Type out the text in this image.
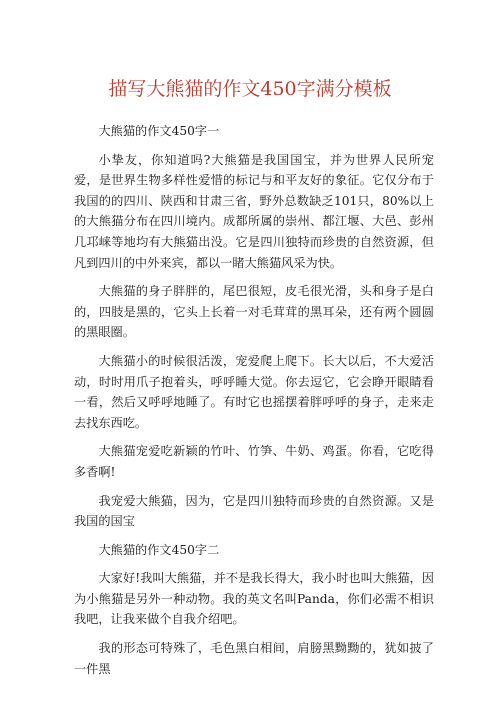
描写大熊猫的作文450字满分模板

大熊猫的作文450字一

小挚友，你知道吗?大熊猫是我国国宝，并为世界人民所宠爱，是世界生物多样性爱惜的标记与和平友好的象征。它仅分布于我国的的四川、陕西和甘肃三省，野外总数缺乏101只，80%以上的大熊猫分布在四川境内。成都所属的崇州、都江堰、大邑、彭州几邛崃等地均有大熊猫出没。它是四川独特而珍贵的自然资源，但凡到四川的中外来宾，都以一睹大熊猫风采为快。

大熊猫的身子胖胖的，尾巴很短，皮毛很光滑，头和身子是白的，四肢是黑的，它头上长着一对毛茸茸的黑耳朵，还有两个圆圆的黑眼圈。

大熊猫小的时候很活泼，宠爱爬上爬下。长大以后，不大爱活动，时时用爪子抱着头，呼呼睡大觉。你去逗它，它会睁开眼睛看一看，然后又呼呼地睡了。有时它也摇摆着胖呼呼的身子，走来走去找东西吃。

大熊猫宠爱吃新颖的竹叶、竹笋、牛奶、鸡蛋。你看，它吃得多香啊!

我宠爱大熊猫，因为，它是四川独特而珍贵的自然资源。又是我国的国宝

大熊猫的作文450字二

大家好!我叫大熊猫，并不是我长得大，我小时也叫大熊猫，因为小熊猫是另外一种动物。我的英文名叫Panda，你们必需不相识我吧，让我来做个自我介绍吧。

我的形态可特殊了，毛色黑白相间，肩膀黑黝黝的，犹如披了一件黑
